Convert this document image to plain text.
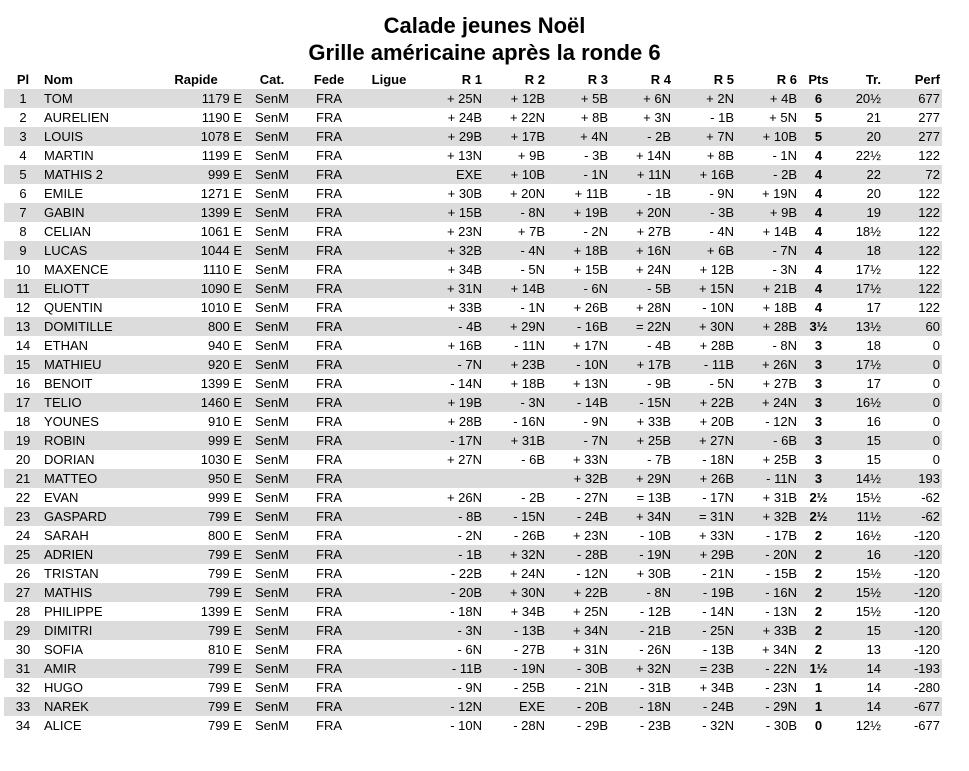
Calade jeunes Noël
Grille américaine après la ronde 6
Pl	Nom	Rapide	Cat.	Fede	Ligue	R 1	R 2	R 3	R 4	R 5	R 6	Pts	Tr.	Perf
1	TOM	1179 E	SenM	FRA		+ 25N	+ 12B	+ 5B	+ 6N	+ 2N	+ 4B	6	20½	677
2	AURELIEN	1190 E	SenM	FRA		+ 24B	+ 22N	+ 8B	+ 3N	- 1B	+ 5N	5	21	277
3	LOUIS	1078 E	SenM	FRA		+ 29B	+ 17B	+ 4N	- 2B	+ 7N	+ 10B	5	20	277
4	MARTIN	1199 E	SenM	FRA		+ 13N	+ 9B	- 3B	+ 14N	+ 8B	- 1N	4	22½	122
5	MATHIS 2	999 E	SenM	FRA		EXE	+ 10B	- 1N	+ 11N	+ 16B	- 2B	4	22	72
6	EMILE	1271 E	SenM	FRA		+ 30B	+ 20N	+ 11B	- 1B	- 9N	+ 19N	4	20	122
7	GABIN	1399 E	SenM	FRA		+ 15B	- 8N	+ 19B	+ 20N	- 3B	+ 9B	4	19	122
8	CELIAN	1061 E	SenM	FRA		+ 23N	+ 7B	- 2N	+ 27B	- 4N	+ 14B	4	18½	122
9	LUCAS	1044 E	SenM	FRA		+ 32B	- 4N	+ 18B	+ 16N	+ 6B	- 7N	4	18	122
10	MAXENCE	1110 E	SenM	FRA		+ 34B	- 5N	+ 15B	+ 24N	+ 12B	- 3N	4	17½	122
11	ELIOTT	1090 E	SenM	FRA		+ 31N	+ 14B	- 6N	- 5B	+ 15N	+ 21B	4	17½	122
12	QUENTIN	1010 E	SenM	FRA		+ 33B	- 1N	+ 26B	+ 28N	- 10N	+ 18B	4	17	122
13	DOMITILLE	800 E	SenM	FRA		- 4B	+ 29N	- 16B	= 22N	+ 30N	+ 28B	3½	13½	60
14	ETHAN	940 E	SenM	FRA		+ 16B	- 11N	+ 17N	- 4B	+ 28B	- 8N	3	18	0
15	MATHIEU	920 E	SenM	FRA		- 7N	+ 23B	- 10N	+ 17B	- 11B	+ 26N	3	17½	0
16	BENOIT	1399 E	SenM	FRA		- 14N	+ 18B	+ 13N	- 9B	- 5N	+ 27B	3	17	0
17	TELIO	1460 E	SenM	FRA		+ 19B	- 3N	- 14B	- 15N	+ 22B	+ 24N	3	16½	0
18	YOUNES	910 E	SenM	FRA		+ 28B	- 16N	- 9N	+ 33B	+ 20B	- 12N	3	16	0
19	ROBIN	999 E	SenM	FRA		- 17N	+ 31B	- 7N	+ 25B	+ 27N	- 6B	3	15	0
20	DORIAN	1030 E	SenM	FRA		+ 27N	- 6B	+ 33N	- 7B	- 18N	+ 25B	3	15	0
21	MATTEO	950 E	SenM	FRA				+ 32B	+ 29N	+ 26B	- 11N	3	14½	193
22	EVAN	999 E	SenM	FRA		+ 26N	- 2B	- 27N	= 13B	- 17N	+ 31B	2½	15½	-62
23	GASPARD	799 E	SenM	FRA		- 8B	- 15N	- 24B	+ 34N	= 31N	+ 32B	2½	11½	-62
24	SARAH	800 E	SenM	FRA		- 2N	- 26B	+ 23N	- 10B	+ 33N	- 17B	2	16½	-120
25	ADRIEN	799 E	SenM	FRA		- 1B	+ 32N	- 28B	- 19N	+ 29B	- 20N	2	16	-120
26	TRISTAN	799 E	SenM	FRA		- 22B	+ 24N	- 12N	+ 30B	- 21N	- 15B	2	15½	-120
27	MATHIS	799 E	SenM	FRA		- 20B	+ 30N	+ 22B	- 8N	- 19B	- 16N	2	15½	-120
28	PHILIPPE	1399 E	SenM	FRA		- 18N	+ 34B	+ 25N	- 12B	- 14N	- 13N	2	15½	-120
29	DIMITRI	799 E	SenM	FRA		- 3N	- 13B	+ 34N	- 21B	- 25N	+ 33B	2	15	-120
30	SOFIA	810 E	SenM	FRA		- 6N	- 27B	+ 31N	- 26N	- 13B	+ 34N	2	13	-120
31	AMIR	799 E	SenM	FRA		- 11B	- 19N	- 30B	+ 32N	= 23B	- 22N	1½	14	-193
32	HUGO	799 E	SenM	FRA		- 9N	- 25B	- 21N	- 31B	+ 34B	- 23N	1	14	-280
33	NAREK	799 E	SenM	FRA		- 12N	EXE	- 20B	- 18N	- 24B	- 29N	1	14	-677
34	ALICE	799 E	SenM	FRA		- 10N	- 28N	- 29B	- 23B	- 32N	- 30B	0	12½	-677
